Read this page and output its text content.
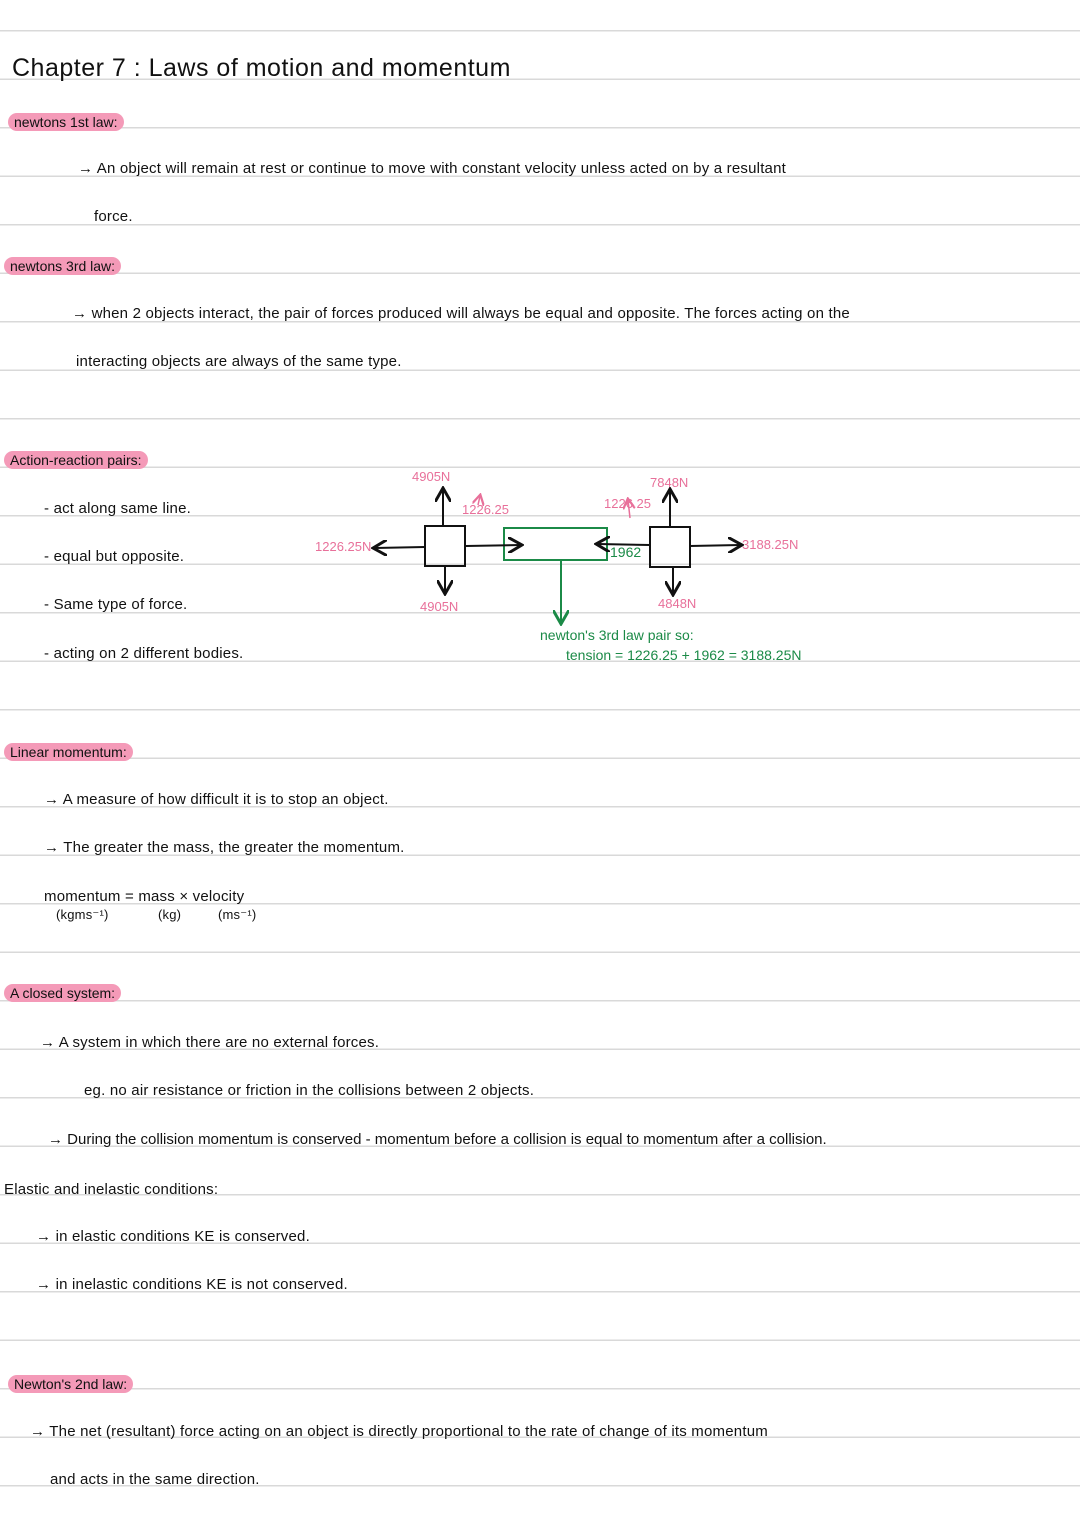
Chapter 7 : Laws of motion and momentum
newtons 1st law:
→ An object will remain at rest or continue to move with constant velocity unless acted on by a resultant
force.
newtons 3rd law:
→ when 2 objects interact, the pair of forces produced will always be equal and opposite. The forces acting on the
interacting objects are always of the same type.
Action-reaction pairs:
- act along same line.
- equal but opposite.
- Same type of force.
- acting on 2 different bodies.
4905N
4905N
1226.25N
1226.25	1226.25
7848N
4848N
3188.25N
1962
newton's 3rd law pair so:
tension = 1226.25 + 1962 = 3188.25N
Linear momentum:
→ A measure of how difficult it is to stop an object.
→ The greater the mass, the greater the momentum.
momentum = mass × velocity
(kgms⁻¹)	(kg)	(ms⁻¹)
A closed system:
→ A system in which there are no external forces.
eg. no air resistance or friction in the collisions between 2 objects.
→ During the collision momentum is conserved - momentum before a collision is equal to momentum after a collision.
Elastic and inelastic conditions:
→ in elastic conditions KE is conserved.
→ in inelastic conditions KE is not conserved.
Newton's 2nd law:
→ The net (resultant) force acting on an object is directly proportional to the rate of change of its momentum
and acts in the same direction.
